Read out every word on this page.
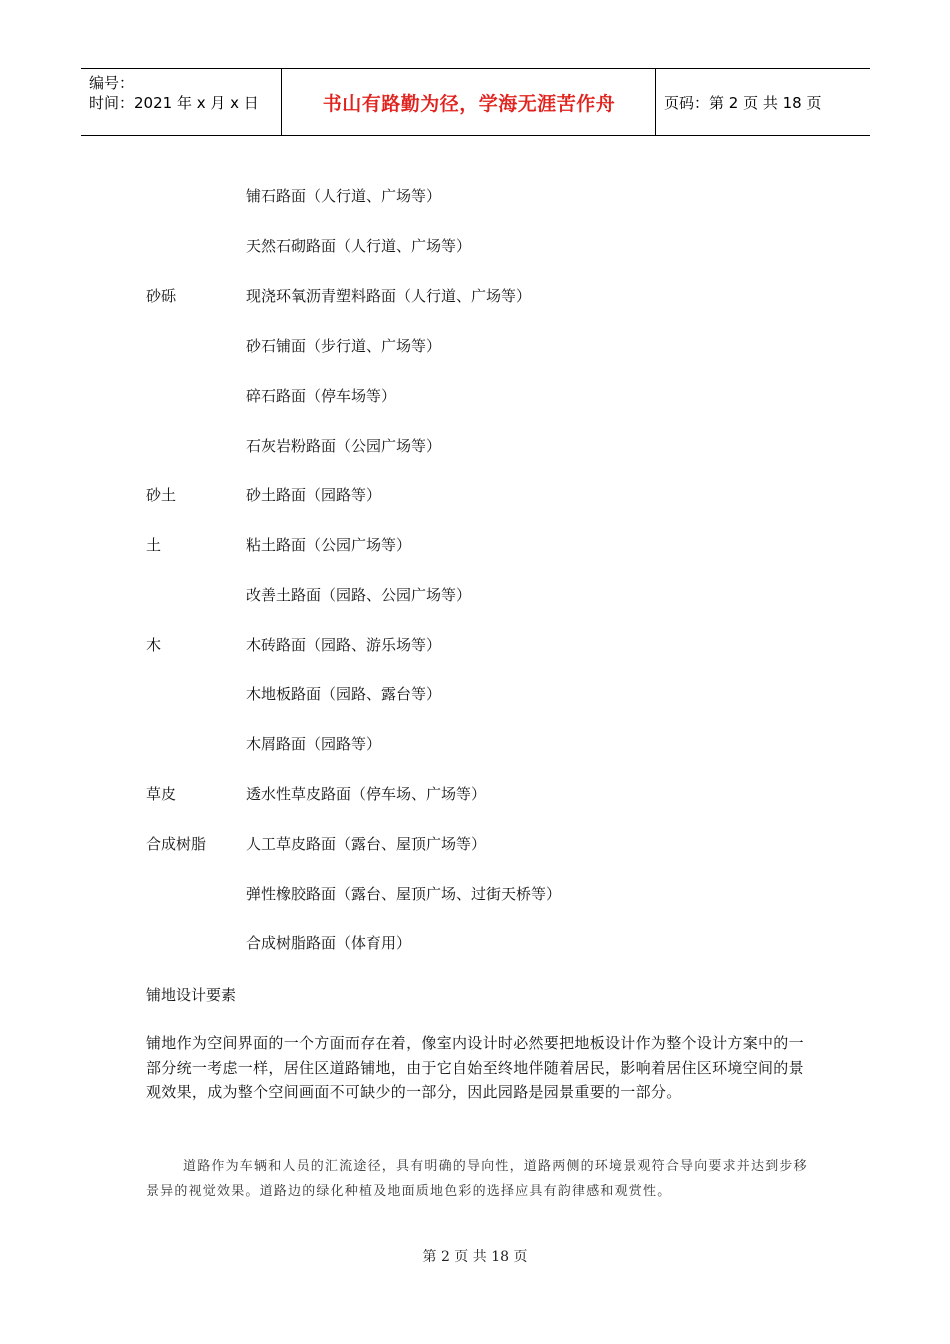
编号：
时间：2021 年 x 月 x 日	书山有路勤为径，学海无涯苦作舟	页码：第 2 页 共 18 页
铺石路面（人行道、广场等）
天然石砌路面（人行道、广场等）
砂砾	现浇环氧沥青塑料路面（人行道、广场等）
砂石铺面（步行道、广场等）
碎石路面（停车场等）
石灰岩粉路面（公园广场等）
砂土	砂土路面（园路等）
土	粘土路面（公园广场等）
改善土路面（园路、公园广场等）
木	木砖路面（园路、游乐场等）
木地板路面（园路、露台等）
木屑路面（园路等）
草皮	透水性草皮路面（停车场、广场等）
合成树脂	人工草皮路面（露台、屋顶广场等）
弹性橡胶路面（露台、屋顶广场、过街天桥等）
合成树脂路面（体育用）
铺地设计要素
铺地作为空间界面的一个方面而存在着，像室内设计时必然要把地板设计作为整个设计方案中的一部分统一考虑一样，居住区道路铺地，由于它自始至终地伴随着居民，影响着居住区环境空间的景观效果，成为整个空间画面不可缺少的一部分，因此园路是园景重要的一部分。
道路作为车辆和人员的汇流途径，具有明确的导向性，道路两侧的环境景观符合导向要求并达到步移景异的视觉效果。道路边的绿化种植及地面质地色彩的选择应具有韵律感和观赏性。
第 2 页 共 18 页
